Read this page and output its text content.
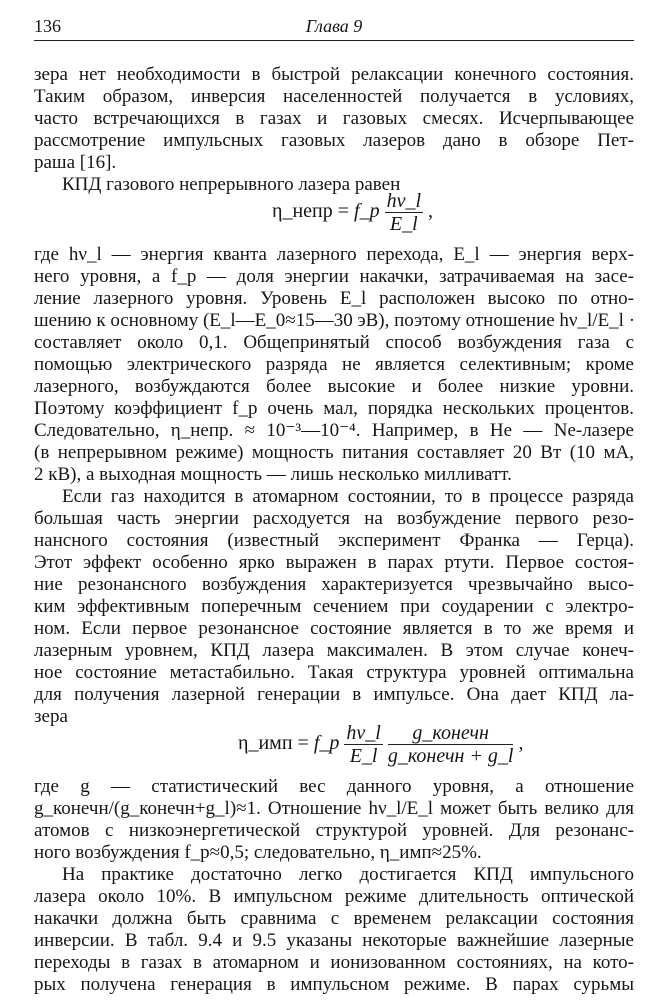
136	Глава 9
зера нет необходимости в быстрой релаксации конечного состояния.
Таким образом, инверсия населенностей получается в условиях,
часто встречающихся в газах и газовых смесях. Исчерпывающее
рассмотрение импульсных газовых лазеров дано в обзоре Пет-
раша [16].
КПД газового непрерывного лазера равен
η_непр = f_p $\frac{h\nu\_l}{E\_l}$ ,
где hν_l — энергия кванта лазерного перехода, E_l — энергия верх-
него уровня, а f_p — доля энергии накачки, затрачиваемая на засе-
ление лазерного уровня. Уровень E_l расположен высоко по отно-
шению к основному (E_l—E_0≈15—30 эВ), поэтому отношение hν_l/E_l ·
составляет около 0,1. Общепринятый способ возбуждения газа с
помощью электрического разряда не является селективным; кроме
лазерного, возбуждаются более высокие и более низкие уровни.
Поэтому коэффициент f_p очень мал, порядка нескольких процентов.
Следовательно, η_непр. ≈ 10⁻³—10⁻⁴. Например, в He — Ne-лазере
(в непрерывном режиме) мощность питания составляет 20 Вт (10 мА,
2 кВ), а выходная мощность — лишь несколько милливатт.
Если газ находится в атомарном состоянии, то в процессе разряда
большая часть энергии расходуется на возбуждение первого резо-
нансного состояния (известный эксперимент Франка — Герца).
Этот эффект особенно ярко выражен в парах ртути. Первое состоя-
ние резонансного возбуждения характеризуется чрезвычайно высо-
ким эффективным поперечным сечением при соударении с электро-
ном. Если первое резонансное состояние является в то же время и
лазерным уровнем, КПД лазера максимален. В этом случае конеч-
ное состояние метастабильно. Такая структура уровней оптимальна
для получения лазерной генерации в импульсе. Она дает КПД ла-
зера
η_имп = f_p $\frac{h\nu\_l}{E\_l}$
$\frac{\text{g\_конечн}}{\text{g\_конечн + g\_l}}$ ,
где g — статистический вес данного уровня, а отношение
g_конечн/(g_конечн+g_l)≈1. Отношение hν_l/E_l может быть велико для
атомов с низкоэнергетической структурой уровней. Для резонанс-
ного возбуждения f_p≈0,5; следовательно, η_имп≈25%.
На практике достаточно легко достигается КПД импульсного
лазера около 10%. В импульсном режиме длительность оптической
накачки должна быть сравнима с временем релаксации состояния
инверсии. В табл. 9.4 и 9.5 указаны некоторые важнейшие лазерные
переходы в газах в атомарном и ионизованном состояниях, на кото-
рых получена генерация в импульсном режиме. В парах сурьмы
